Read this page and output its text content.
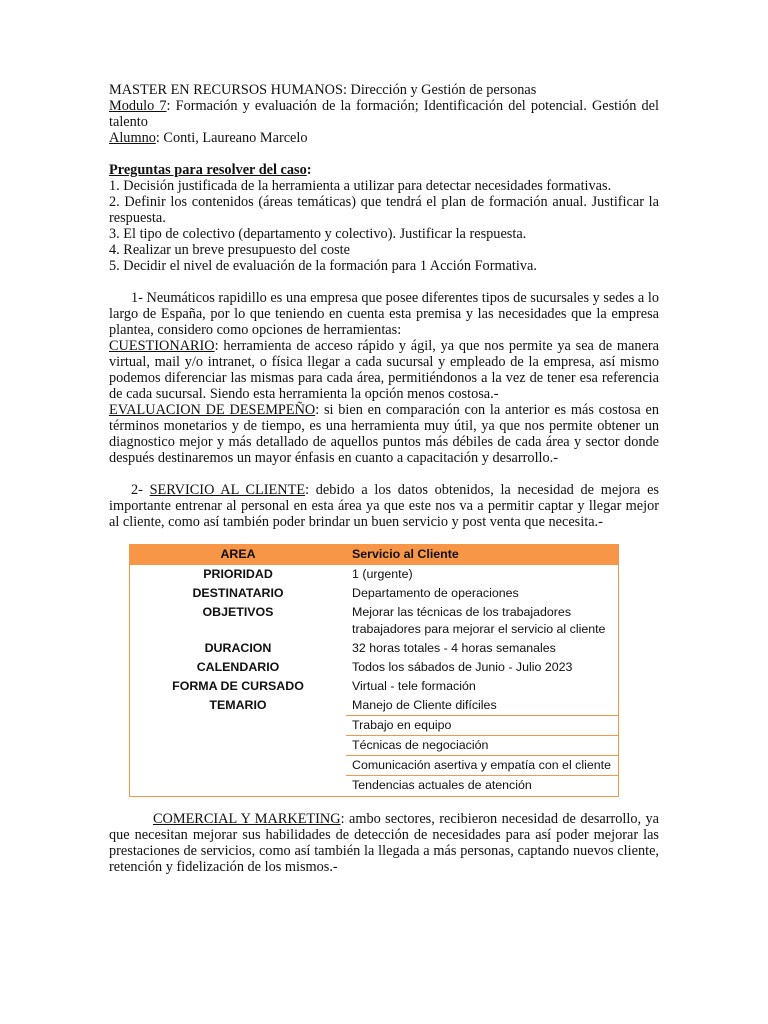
MASTER EN RECURSOS HUMANOS: Dirección y Gestión de personas

Modulo 7: Formación y evaluación de la formación; Identificación del potencial. Gestión del talento

Alumno: Conti, Laureano Marcelo
Preguntas para resolver del caso:

1. Decisión justificada de la herramienta a utilizar para detectar necesidades formativas.

2. Definir los contenidos (áreas temáticas) que tendrá el plan de formación anual. Justificar la respuesta.

3. El tipo de colectivo (departamento y colectivo). Justificar la respuesta.

4. Realizar un breve presupuesto del coste

5. Decidir el nivel de evaluación de la formación para 1 Acción Formativa.

1- Neumáticos rapidillo es una empresa que posee diferentes tipos de sucursales y sedes a lo largo de España, por lo que teniendo en cuenta esta premisa y las necesidades que la empresa plantea, considero como opciones de herramientas:

CUESTIONARIO: herramienta de acceso rápido y ágil, ya que nos permite ya sea de manera virtual, mail y/o intranet, o física llegar a cada sucursal y empleado de la empresa, así mismo podemos diferenciar las mismas para cada área, permitiéndonos a la vez de tener esa referencia de cada sucursal. Siendo esta herramienta la opción menos costosa.-

EVALUACION DE DESEMPEÑO: si bien en comparación con la anterior es más costosa en términos monetarios y de tiempo, es una herramienta muy útil, ya que nos permite obtener un diagnostico mejor y más detallado de aquellos puntos más débiles de cada área y sector donde después destinaremos un mayor énfasis en cuanto a capacitación y desarrollo.-

2- SERVICIO AL CLIENTE: debido a los datos obtenidos, la necesidad de mejora es importante entrenar al personal en esta área ya que este nos va a permitir captar y llegar mejor al cliente, como así también poder brindar un buen servicio y post venta que necesita.-

AREA	Servicio al Cliente
PRIORIDAD	1 (urgente)
DESTINATARIO	Departamento de operaciones
OBJETIVOS	Mejorar las técnicas de los trabajadores trabajadores para mejorar el servicio al cliente
DURACION	32 horas totales - 4 horas semanales
CALENDARIO	Todos los sábados de Junio - Julio 2023
FORMA DE CURSADO	Virtual - tele formación
TEMARIO	Manejo de Cliente difíciles
	Trabajo en equipo
	Técnicas de negociación
	Comunicación asertiva y empatía con el cliente
	Tendencias actuales de atención

COMERCIAL Y MARKETING: ambo sectores, recibieron necesidad de desarrollo, ya que necesitan mejorar sus habilidades de detección de necesidades para así poder mejorar las prestaciones de servicios, como así también la llegada a más personas, captando nuevos cliente, retención y fidelización de los mismos.-
